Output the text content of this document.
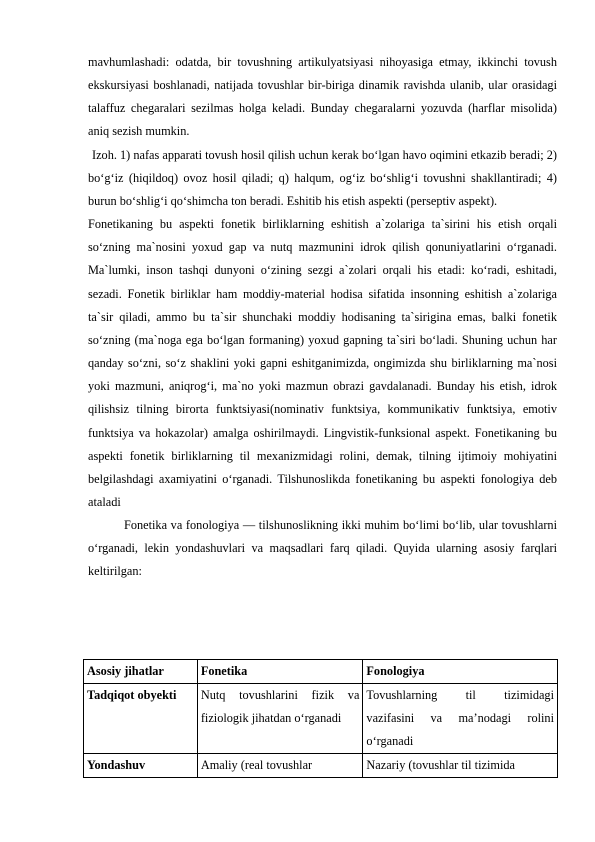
mavhumlashadi: odatda, bir tovushning artikulyatsiyasi nihoyasiga etmay, ikkinchi tovush ekskursiyasi boshlanadi, natijada tovushlar bir-biriga dinamik ravishda ulanib, ular orasidagi talaffuz chegaralari sezilmas holga keladi. Bunday chegaralarni yozuvda (harflar misolida) aniq sezish mumkin.

Izoh. 1) nafas apparati tovush hosil qilish uchun kerak bo‘lgan havo oqimini etkazib beradi; 2) bo‘g‘iz (hiqildoq) ovoz hosil qiladi; q) halqum, og‘iz bo‘shlig‘i tovushni shakllantiradi; 4) burun bo‘shlig‘i qo‘shimcha ton beradi. Eshitib his etish aspekti (perseptiv aspekt).

Fonetikaning bu aspekti fonetik birliklarning eshitish a`zolariga ta`sirini his etish orqali so‘zning ma`nosini yoxud gap va nutq mazmunini idrok qilish qonuniyatlarini o‘rganadi. Ma`lumki, inson tashqi dunyoni o‘zining sezgi a`zolari orqali his etadi: ko‘radi, eshitadi, sezadi. Fonetik birliklar ham moddiy-material hodisa sifatida insonning eshitish a`zolariga ta`sir qiladi, ammo bu ta`sir shunchaki moddiy hodisaning ta`sirigina emas, balki fonetik so‘zning (ma`noga ega bo‘lgan formaning) yoxud gapning ta`siri bo‘ladi. Shuning uchun har qanday so‘zni, so‘z shaklini yoki gapni eshitganimizda, ongimizda shu birliklarning ma`nosi yoki mazmuni, aniqrog‘i, ma`no yoki mazmun obrazi gavdalanadi. Bunday his etish, idrok qilishsiz tilning birorta funktsiyasi(nominativ funktsiya, kommunikativ funktsiya, emotiv funktsiya va hokazolar) amalga oshirilmaydi. Lingvistik-funksional aspekt. Fonetikaning bu aspekti fonetik birliklarning til mexanizmidagi rolini, demak, tilning ijtimoiy mohiyatini belgilashdagi axamiyatini o‘rganadi. Tilshunoslikda fonetikaning bu aspekti fonologiya deb ataladi

Fonetika va fonologiya — tilshunoslikning ikki muhim bo‘limi bo‘lib, ular tovushlarni o‘rganadi, lekin yondashuvlari va maqsadlari farq qiladi. Quyida ularning asosiy farqlari keltirilgan:

Asosiy jihatlar	Fonetika	Fonologiya
Tadqiqot obyekti	Nutq tovushlarini fizik va fiziologik jihatdan o‘rganadi	Tovushlarning til tizimidagi vazifasini va ma’nodagi rolini o‘rganadi
Yondashuv	Amaliy (real tovushlar	Nazariy (tovushlar til tizimida
